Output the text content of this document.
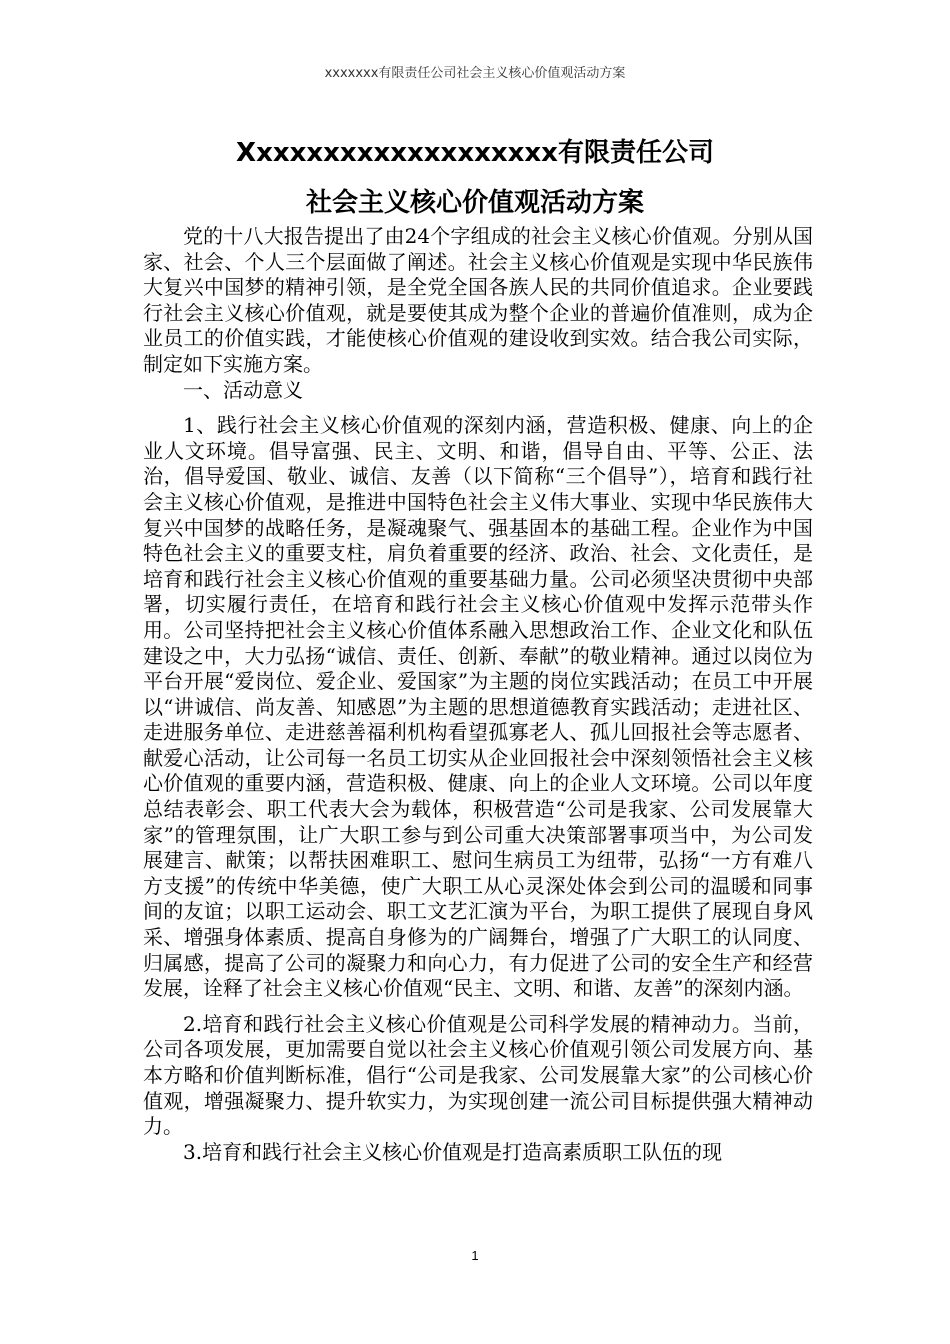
xxxxxxx有限责任公司社会主义核心价值观活动方案
Xxxxxxxxxxxxxxxxxxx有限责任公司
社会主义核心价值观活动方案

党的十八大报告提出了由24个字组成的社会主义核心价值观。分别从国家、社会、个人三个层面做了阐述。社会主义核心价值观是实现中华民族伟大复兴中国梦的精神引领，是全党全国各族人民的共同价值追求。企业要践行社会主义核心价值观，就是要使其成为整个企业的普遍价值准则，成为企业员工的价值实践，才能使核心价值观的建设收到实效。结合我公司实际，制定如下实施方案。

一、活动意义

1、践行社会主义核心价值观的深刻内涵，营造积极、健康、向上的企业人文环境。倡导富强、民主、文明、和谐，倡导自由、平等、公正、法治，倡导爱国、敬业、诚信、友善（以下简称“三个倡导”），培育和践行社会主义核心价值观，是推进中国特色社会主义伟大事业、实现中华民族伟大复兴中国梦的战略任务，是凝魂聚气、强基固本的基础工程。企业作为中国特色社会主义的重要支柱，肩负着重要的经济、政治、社会、文化责任，是培育和践行社会主义核心价值观的重要基础力量。公司必须坚决贯彻中央部署，切实履行责任，在培育和践行社会主义核心价值观中发挥示范带头作用。公司坚持把社会主义核心价值体系融入思想政治工作、企业文化和队伍建设之中，大力弘扬“诚信、责任、创新、奉献”的敬业精神。通过以岗位为平台开展“爱岗位、爱企业、爱国家”为主题的岗位实践活动；在员工中开展以“讲诚信、尚友善、知感恩”为主题的思想道德教育实践活动；走进社区、走进服务单位、走进慈善福利机构看望孤寡老人、孤儿回报社会等志愿者、献爱心活动，让公司每一名员工切实从企业回报社会中深刻领悟社会主义核心价值观的重要内涵，营造积极、健康、向上的企业人文环境。公司以年度总结表彰会、职工代表大会为载体，积极营造“公司是我家、公司发展靠大家”的管理氛围，让广大职工参与到公司重大决策部署事项当中，为公司发展建言、献策；以帮扶困难职工、慰问生病员工为纽带，弘扬“一方有难八方支援”的传统中华美德，使广大职工从心灵深处体会到公司的温暖和同事间的友谊；以职工运动会、职工文艺汇演为平台，为职工提供了展现自身风采、增强身体素质、提高自身修为的广阔舞台，增强了广大职工的认同度、归属感，提高了公司的凝聚力和向心力，有力促进了公司的安全生产和经营发展，诠释了社会主义核心价值观“民主、文明、和谐、友善”的深刻内涵。

2.培育和践行社会主义核心价值观是公司科学发展的精神动力。当前，公司各项发展，更加需要自觉以社会主义核心价值观引领公司发展方向、基本方略和价值判断标准，倡行“公司是我家、公司发展靠大家”的公司核心价值观，增强凝聚力、提升软实力，为实现创建一流公司目标提供强大精神动力。

3.培育和践行社会主义核心价值观是打造高素质职工队伍的现

1
